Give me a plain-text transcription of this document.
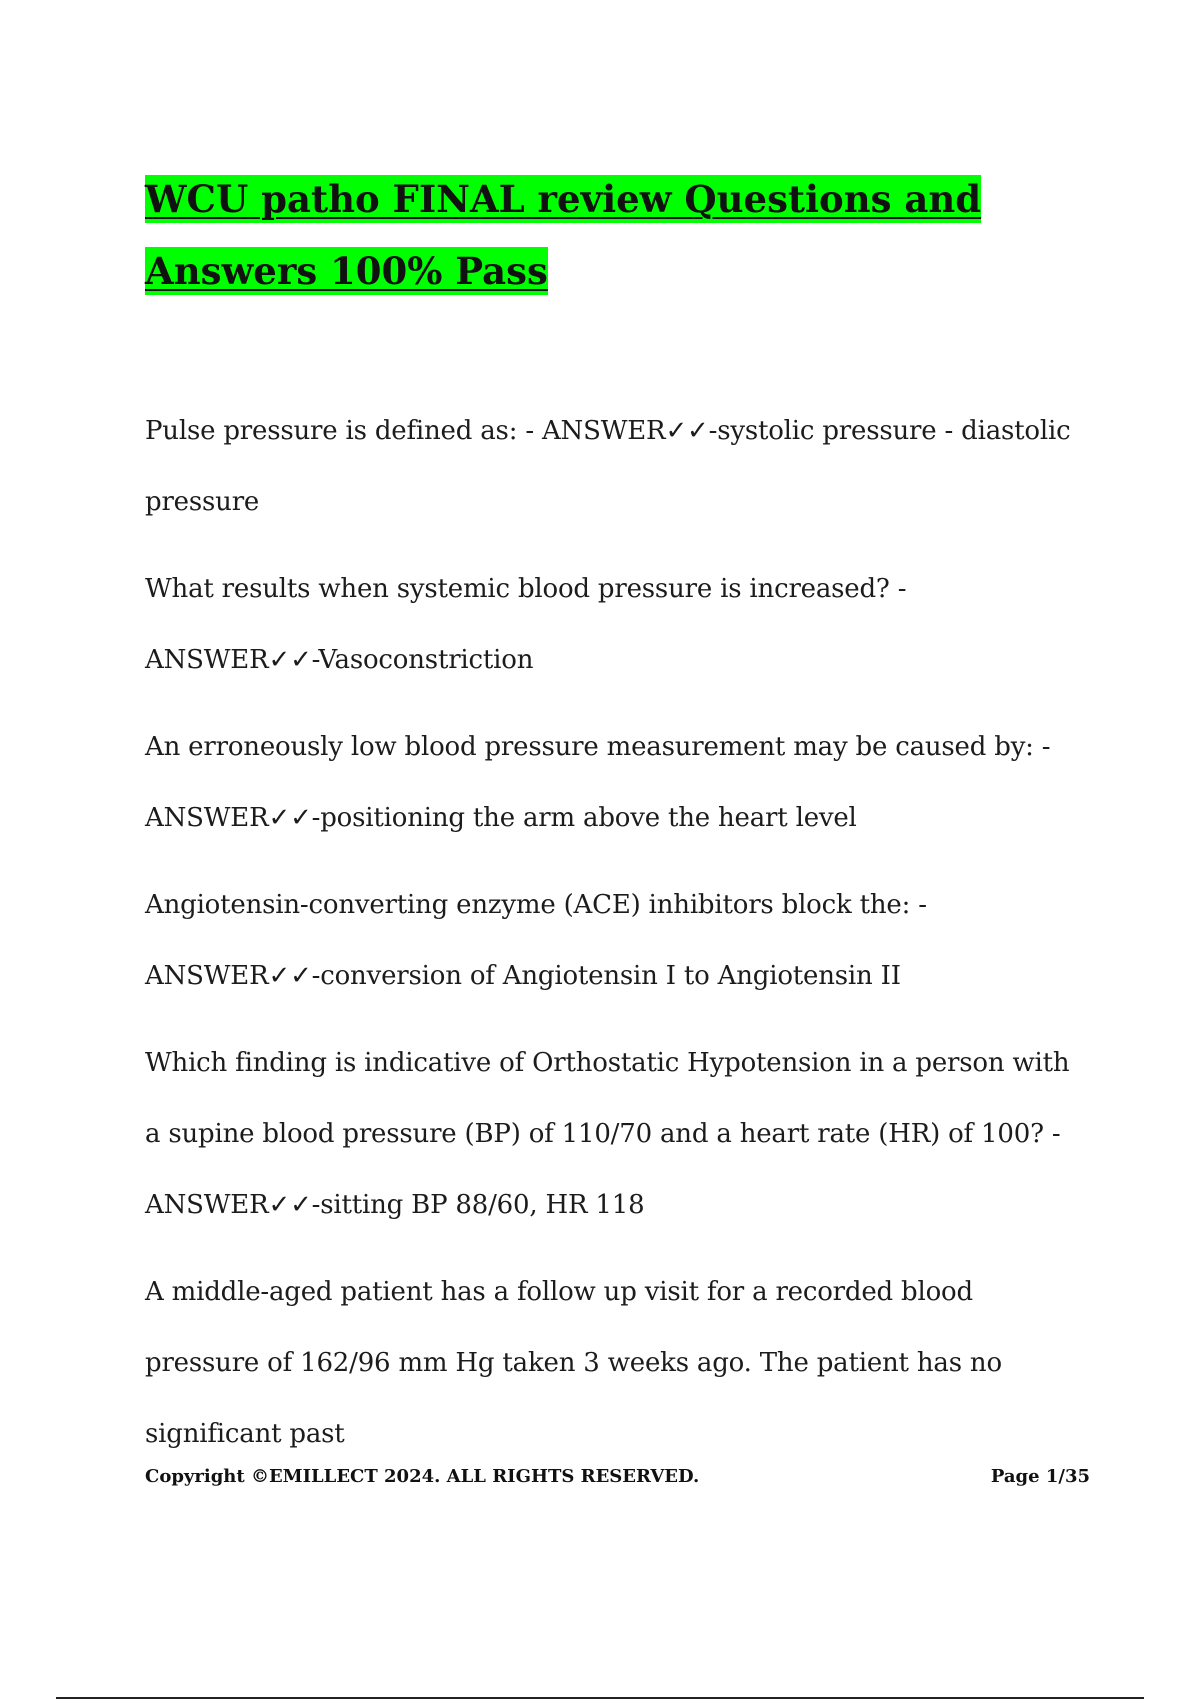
WCU patho FINAL review Questions and
Answers 100% Pass

Pulse pressure is defined as: - ANSWER✓✓-systolic pressure - diastolic pressure

What results when systemic blood pressure is increased? - ANSWER✓✓-Vasoconstriction

An erroneously low blood pressure measurement may be caused by: - ANSWER✓✓-positioning the arm above the heart level

Angiotensin-converting enzyme (ACE) inhibitors block the: - ANSWER✓✓-conversion of Angiotensin I to Angiotensin II

Which finding is indicative of Orthostatic Hypotension in a person with a supine blood pressure (BP) of 110/70 and a heart rate (HR) of 100? - ANSWER✓✓-sitting BP 88/60, HR 118

A middle-aged patient has a follow up visit for a recorded blood pressure of 162/96 mm Hg taken 3 weeks ago. The patient has no significant past

Copyright ©EMILLECT 2024. ALL RIGHTS RESERVED.	Page 1/35
